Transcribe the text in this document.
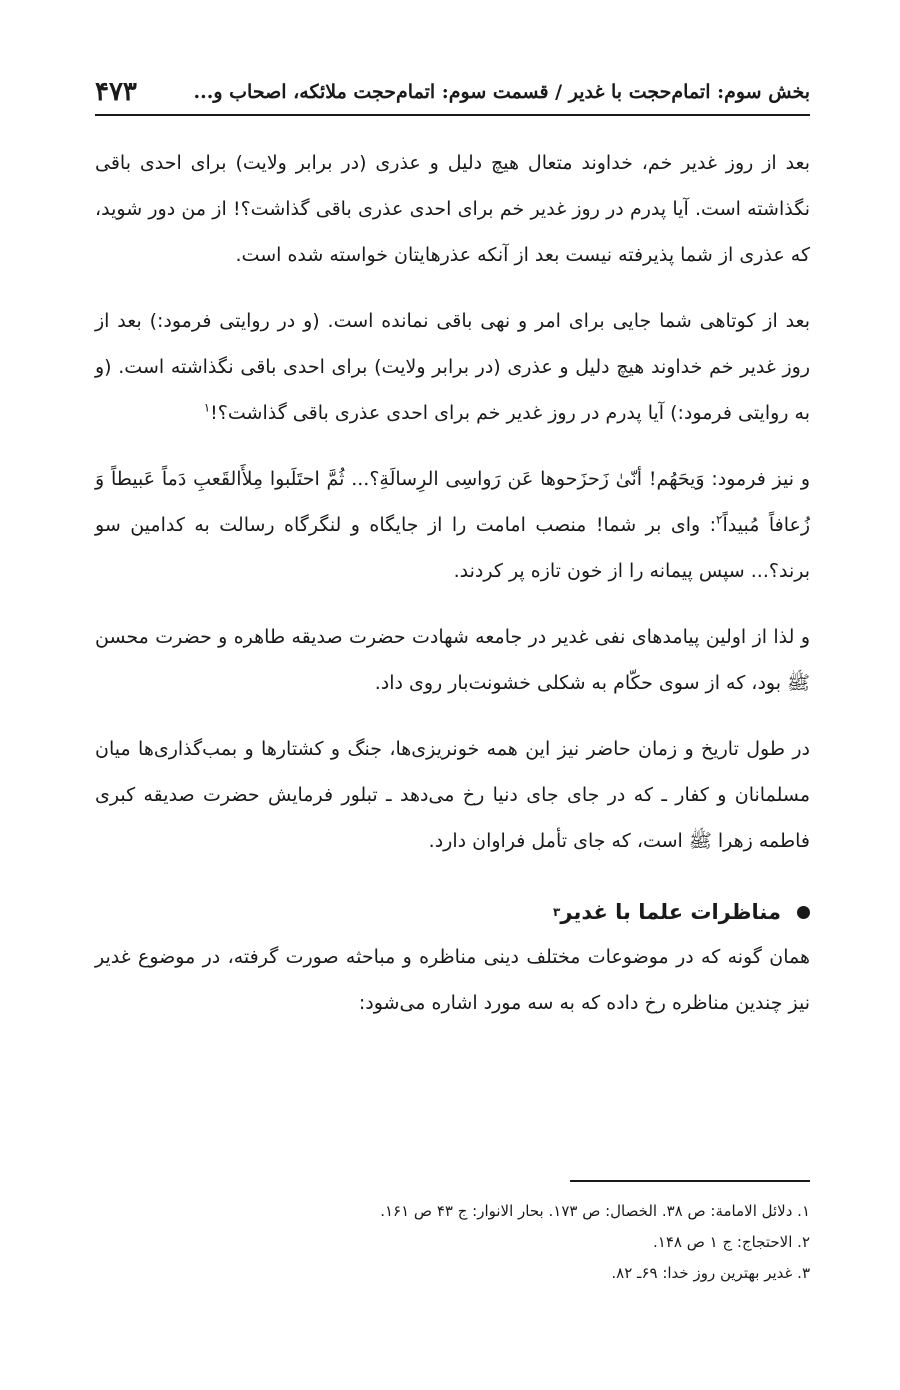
بخش سوم: اتمام‌حجت با غدیر / قسمت سوم: اتمام‌حجت ملائکه، اصحاب و...
۴۷۳

بعد از روز غدیر خم، خداوند متعال هیچ دلیل و عذری (در برابر ولایت) برای احدی باقی نگذاشته است. آیا پدرم در روز غدیر خم برای احدی عذری باقی گذاشت؟! از من دور شوید، که عذری از شما پذیرفته نیست بعد از آنکه عذرهایتان خواسته شده است.

بعد از کوتاهی شما جایی برای امر و نهی باقی نمانده است. (و در روایتی فرمود:) بعد از روز غدیر خم خداوند هیچ دلیل و عذری (در برابر ولایت) برای احدی باقی نگذاشته است. (و به روایتی فرمود:) آیا پدرم در روز غدیر خم برای احدی عذری باقی گذاشت؟!$^۱$

و نیز فرمود: وَیحَهُم! أنّیٰ زَحزَحوها عَن رَواسِی الرِسالَةِ؟... ثُمَّ احتَلَبوا مِلأَالقَعبِ دَماً عَبیطاً وَ زُعافاً مُبیداً$^۲$: وای بر شما! منصب امامت را از جایگاه و لنگرگاه رسالت به کدامین سو برند؟... سپس پیمانه را از خون تازه پر کردند.

و لذا از اولین پیامدهای نفی غدیر در جامعه شهادت حضرت صدیقه طاهره و حضرت محسن ﷺ بود، که از سوی حکّام به شکلی خشونت‌بار روی داد.

در طول تاریخ و زمان حاضر نیز این همه خونریزی‌ها، جنگ و کشتارها و بمب‌گذاری‌ها میان مسلمانان و کفار ـ که در جای جای دنیا رخ می‌دهد ـ تبلور فرمایش حضرت صدیقه کبری فاطمه زهرا ﷺ است، که جای تأمل فراوان دارد.

مناظرات علما با غدیر
۳

همان گونه که در موضوعات مختلف دینی مناظره و مباحثه صورت گرفته، در موضوع غدیر نیز چندین مناظره رخ داده که به سه مورد اشاره می‌شود:

۱. دلائل الامامة: ص ۳۸. الخصال: ص ۱۷۳. بحار الانوار: ج ۴۳ ص ۱۶۱.
۲. الاحتجاج: ج ۱ ص ۱۴۸.
۳. غدیر بهترین روز خدا: ۶۹ـ ۸۲.
